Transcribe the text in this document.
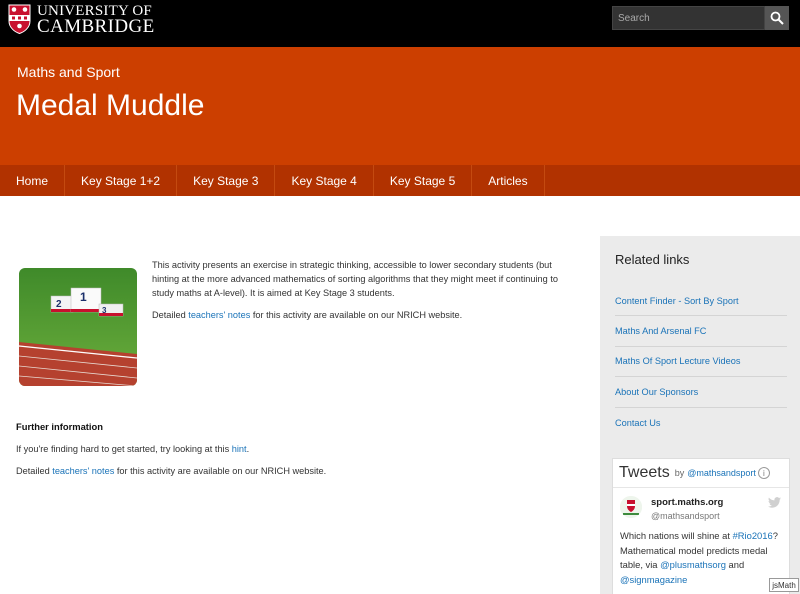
UNIVERSITY OF
CAMBRIDGE
Search
Maths and Sport
Medal Muddle
Home	Key Stage 1+2	Key Stage 3	Key Stage 4	Key Stage 5	Articles
2
1
3

This activity presents an exercise in strategic thinking, accessible to lower secondary students (but hinting at the more advanced mathematics of sorting algorithms that they might meet if continuing to study maths at A-level). It is aimed at Key Stage 3 students.

Detailed teachers' notes for this activity are available on our NRICH website.

Further information

If you're finding hard to get started, try looking at this hint.

Detailed teachers' notes for this activity are available on our NRICH website.

Related links
Content Finder - Sort By Sport
Maths And Arsenal FC
Maths Of Sport Lecture Videos
About Our Sponsors
Contact Us
Tweets by @mathsandsport i
sport.maths.org
@mathsandsport
Which nations will shine at #Rio2016? Mathematical model predicts medal table, via @plusmathsorg and @signmagazine
jsMath
